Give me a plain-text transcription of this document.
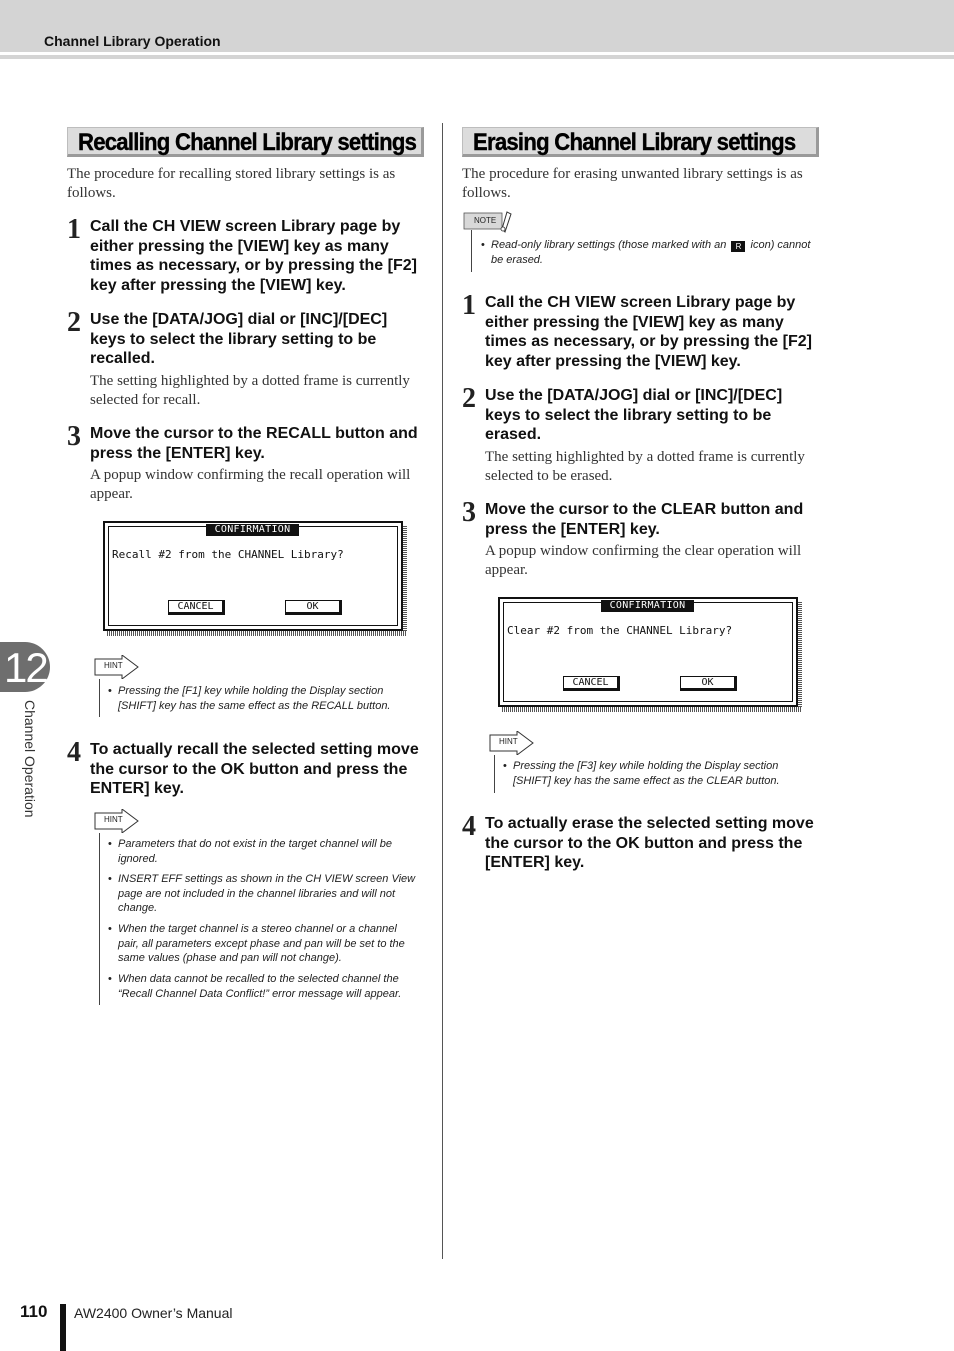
Channel Library Operation
Recalling Channel Library settings
The procedure for recalling stored library settings is as
follows.
1 Call the CH VIEW screen Library page by
either pressing the [VIEW] key as many
times as necessary, or by pressing the [F2]
key after pressing the [VIEW] key.
2 Use the [DATA/JOG] dial or [INC]/[DEC]
keys to select the library setting to be
recalled.
The setting highlighted by a dotted frame is currently
selected for recall.
3 Move the cursor to the RECALL button and
press the [ENTER] key.
A popup window confirming the recall operation will
appear.
CONFIRMATION
Recall #2 from the CHANNEL Library?
CANCEL	OK
HINT
• Pressing the [F1] key while holding the Display section
[SHIFT] key has the same effect as the RECALL button.
4 To actually recall the selected setting move
the cursor to the OK button and press the
ENTER] key.
HINT
• Parameters that do not exist in the target channel will be
ignored.
• INSERT EFF settings as shown in the CH VIEW screen View
page are not included in the channel libraries and will not
change.
• When the target channel is a stereo channel or a channel
pair, all parameters except phase and pan will be set to the
same values (phase and pan will not change).
• When data cannot be recalled to the selected channel the
“Recall Channel Data Conflict!” error message will appear.
Erasing Channel Library settings
The procedure for erasing unwanted library settings is as
follows.
NOTE
• Read-only library settings (those marked with an R icon) cannot
be erased.
1 Call the CH VIEW screen Library page by
either pressing the [VIEW] key as many
times as necessary, or by pressing the [F2]
key after pressing the [VIEW] key.
2 Use the [DATA/JOG] dial or [INC]/[DEC]
keys to select the library setting to be
erased.
The setting highlighted by a dotted frame is currently
selected to be erased.
3 Move the cursor to the CLEAR button and
press the [ENTER] key.
A popup window confirming the clear operation will
appear.
CONFIRMATION
Clear #2 from the CHANNEL Library?
CANCEL	OK
HINT
• Pressing the [F3] key while holding the Display section
[SHIFT] key has the same effect as the CLEAR button.
4 To actually erase the selected setting move
the cursor to the OK button and press the
[ENTER] key.
12
Channel Operation
110 AW2400 Owner’s Manual
